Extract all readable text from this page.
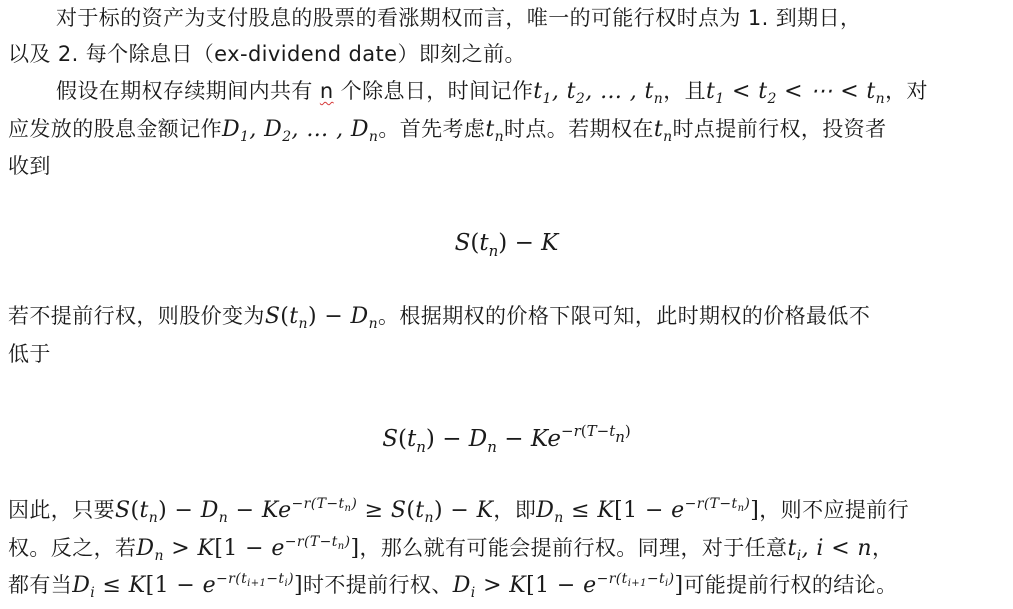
对于标的资产为支付股息的股票的看涨期权而言，唯一的可能行权时点为 1. 到期日，
以及 2. 每个除息日（ex-dividend date）即刻之前。
假设在期权存续期间内共有 n 个除息日，时间记作$t_1$, $t_2$, … , $t_n$，且$t_1 < t_2$ < ⋯ < $t_n$，对
应发放的股息金额记作$D_1$, $D_2$, … , $D_n$。首先考虑$t_n$时点。若期权在$t_n$时点提前行权，投资者
收到
$S(t_n) - K$
若不提前行权，则股价变为$S(t_n) - D_n$。根据期权的价格下限可知，此时期权的价格最低不
低于
$S(t_n) - D_n - Ke^{-r(T-t_n)}$
因此，只要$S(t_n) - D_n - Ke^{-r(T-t_n)} \ge S(t_n) - K$，即$D_n \le K[1 - e^{-r(T-t_n)}]$，则不应提前行
权。反之，若$D_n > K[1 - e^{-r(T-t_n)}]$，那么就有可能会提前行权。同理，对于任意$t_i$, i < n，
都有当$D_i \le K[1 - e^{-r(t_{i+1}-t_i)}]$时不提前行权、$D_i > K[1 - e^{-r(t_{i+1}-t_i)}]$可能提前行权的结论。
